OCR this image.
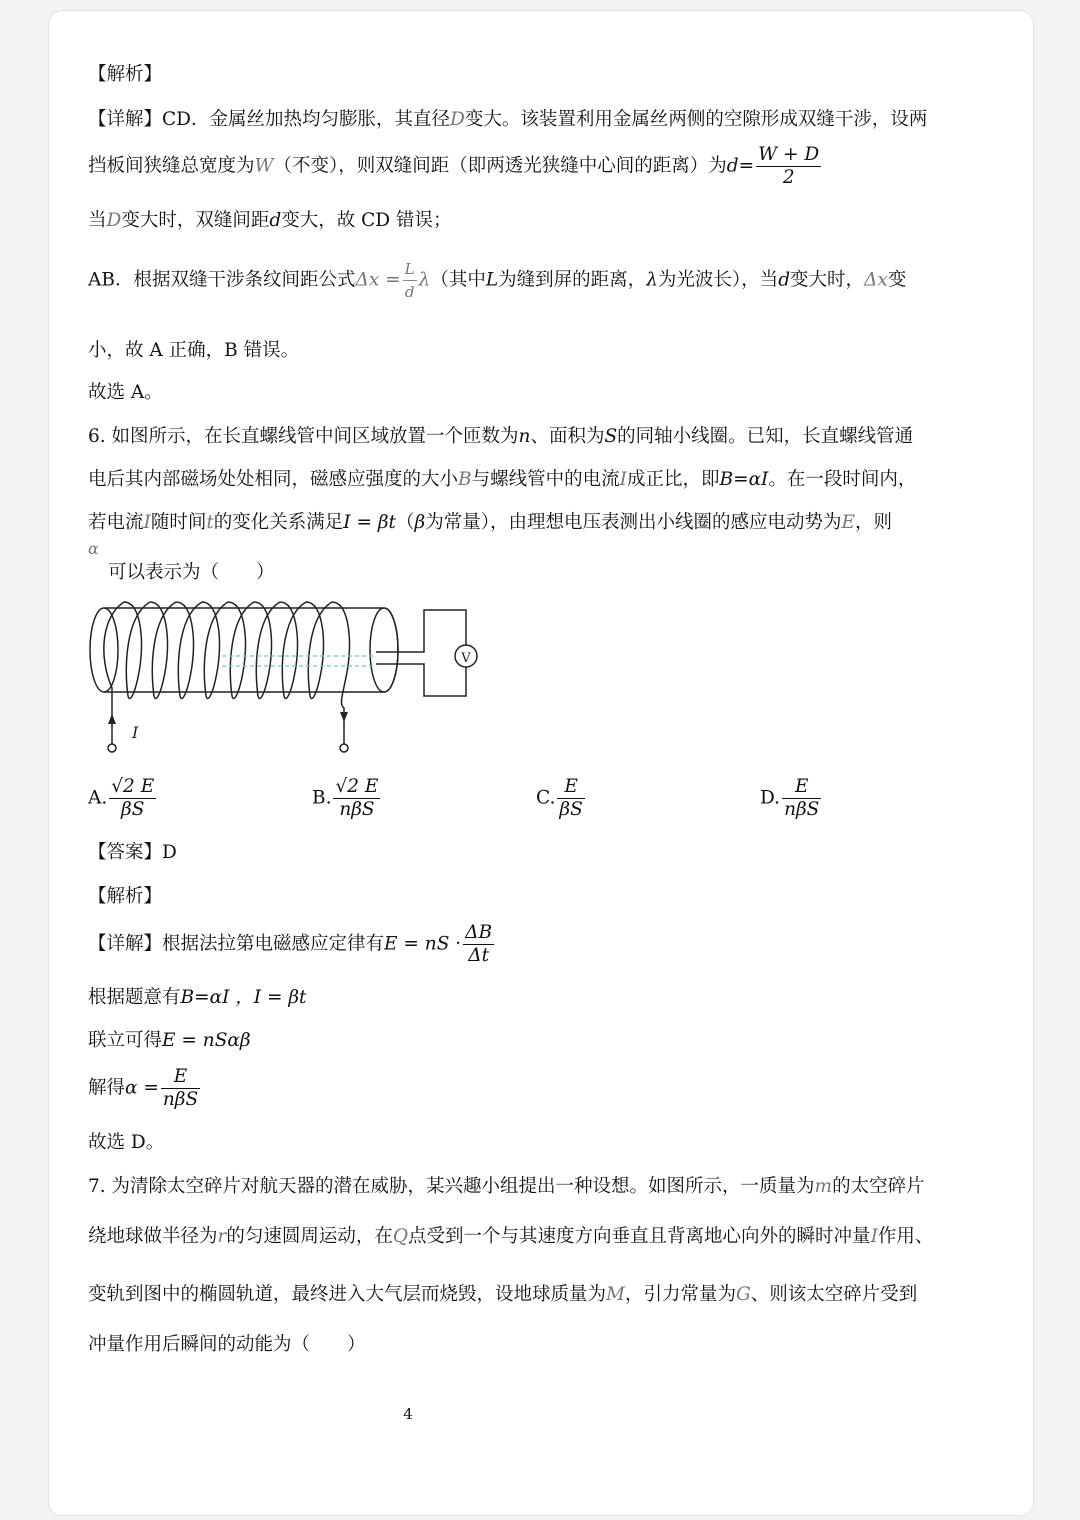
【解析】
【详解】CD．金属丝加热均匀膨胀，其直径D变大。该装置利用金属丝两侧的空隙形成双缝干涉，设两
挡板间狭缝总宽度为W（不变），则双缝间距（即两透光狭缝中心间的距离）为$d= \frac{W + D}{2}$
当D变大时，双缝间距d变大，故 CD 错误；
AB．根据双缝干涉条纹间距公式$\Delta x = \frac{L}{d} \lambda$（其中L为缝到屏的距离，λ为光波长），当d变大时，Δx变
小，故 A 正确，B 错误。
故选 A。
6. 如图所示，在长直螺线管中间区域放置一个匝数为n、面积为S的同轴小线圈。已知，长直螺线管通
电后其内部磁场处处相同，磁感应强度的大小B与螺线管中的电流I成正比，即B=αI。在一段时间内，
若电流I随时间t的变化关系满足I = βt（β为常量），由理想电压表测出小线圈的感应电动势为E，则
α
可以表示为（　　）
I
V
A. $\frac{√2 E}{\beta S}$	B. $\frac{√2 E}{\text{nβS}}$	C. $\frac{E}{\beta S}$	D. $\frac{E}{\text{nβS}}$
【答案】D
【解析】
【详解】根据法拉第电磁感应定律有E = nS · $\frac{\Delta B}{\Delta t}$
根据题意有B=αI ，I = βt
联立可得E = nSαβ
解得$\alpha = \frac{E}{\text{nβS}}$
故选 D。
7. 为清除太空碎片对航天器的潜在威胁，某兴趣小组提出一种设想。如图所示，一质量为m的太空碎片
绕地球做半径为r的匀速圆周运动，在Q点受到一个与其速度方向垂直且背离地心向外的瞬时冲量I作用、
变轨到图中的椭圆轨道，最终进入大气层而烧毁，设地球质量为M，引力常量为G、则该太空碎片受到
冲量作用后瞬间的动能为（　　）
4
